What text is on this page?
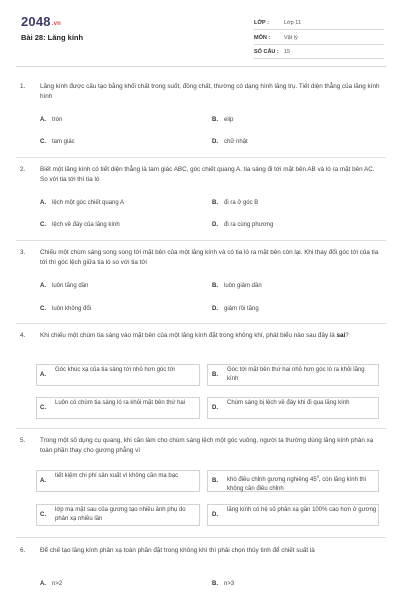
2048.vn
Bài 28: Lăng kính
LỚP :	Lớp 11
MÔN :	Vật lý
SỐ CÂU : 15
1. Lăng kính được cấu tạo bằng khối chất trong suốt, đồng chất, thường có dạng hình lăng trụ. Tiết diện thẳng của lăng kính hình
A. tròn	B. elip
C. tam giác	D. chữ nhật
2. Biết một lăng kính có tiết diện thẳng là tam giác ABC, góc chiết quang A. tia sáng đi tới mặt bên AB và ló ra mặt bên AC. So với tia tới thì tia ló
A. lệch một góc chiết quang A	B. đi ra ở góc B
C. lệch về đáy của lăng kính	D. đi ra cùng phương
3. Chiếu một chùm sáng song song tới mặt bên của một lăng kính và có tia ló ra mặt bên còn lại. Khi thay đổi góc tới của tia tới thì góc lệch giữa tia ló so với tia tới
A. luôn tăng dần	B. luôn giảm dần
C. luôn không đổi	D. giảm rồi tăng
4. Khi chiếu một chùm tia sáng vào mặt bên của một lăng kính đặt trong không khí, phát biểu nào sau đây là sai?
A.
Góc khúc xạ của tia sáng tới nhỏ hơn góc tới
B.
Góc tới mặt bên thứ hai nhỏ hơn góc ló ra khỏi lăng kính
C.
Luôn có chùm tia sáng ló ra khỏi mặt bên thứ hai
D.
Chùm sáng bị lệch về đáy khi đi qua lăng kính
5. Trong một số dụng cụ quang, khi cần làm cho chùm sáng lệch một góc vuông, người ta thường dùng lăng kính phản xạ toàn phần thay cho gương phẳng vì
A.
tiết kiệm chi phí sản xuất vì không cần mạ bạc
B. khó điều chỉnh gương nghiêng $45^0$, còn lăng kính thì không cần điều chỉnh
C.
lớp mạ mặt sau của gương tạo nhiều ảnh phụ do phản xạ nhiều lần
D.
lăng kính có hệ số phản xạ gần 100% cao hơn ở gương
6. Để chế tạo lăng kính phản xạ toàn phần đặt trong không khí thì phải chọn thủy tinh để chiết suất là
A. n>2	B. n>3
